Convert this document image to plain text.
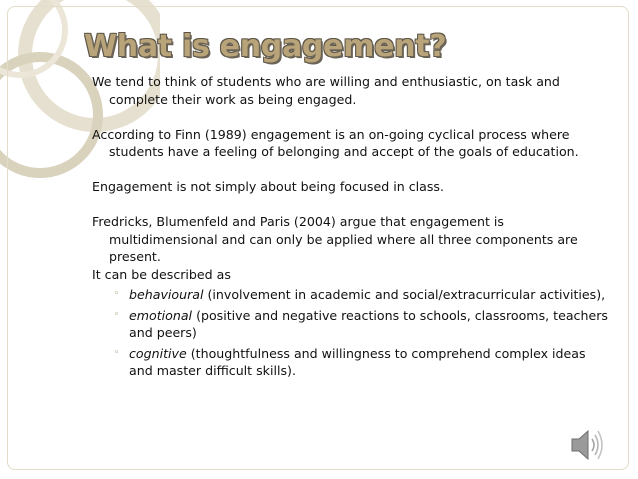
What is engagement?

We tend to think of students who are willing and enthusiastic, on task and complete their work as being engaged.

According to Finn (1989) engagement is an on-going cyclical process where students have a feeling of belonging and accept of the goals of education.

Engagement is not simply about being focused in class.

Fredricks, Blumenfeld and Paris (2004) argue that engagement is multidimensional and can only be applied where all three components are present.

It can be described as

◦ behavioural (involvement in academic and social/extracurricular activities),
◦ emotional (positive and negative reactions to schools, classrooms, teachers and peers)
◦ cognitive (thoughtfulness and willingness to comprehend complex ideas and master difficult skills).
